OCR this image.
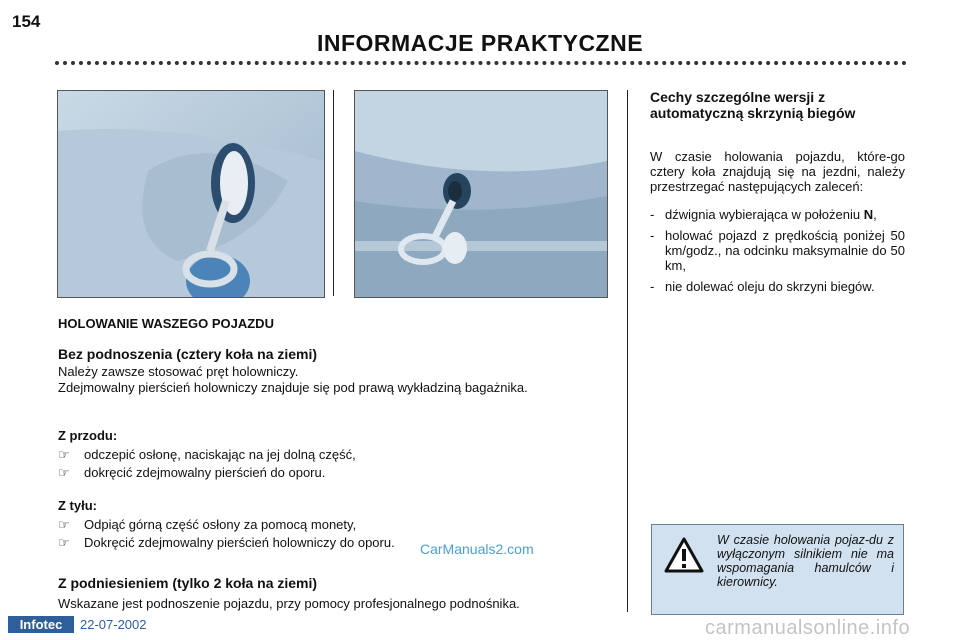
154
INFORMACJE PRAKTYCZNE
HOLOWANIE WASZEGO POJAZDU
Bez podnoszenia (cztery koła na ziemi)
Należy zawsze stosować pręt holowniczy.
Zdejmowalny pierścień holowniczy znajduje się pod prawą wykładziną bagażnika.
Z przodu:
☞	odczepić osłonę, naciskając na jej dolną część,
☞	dokręcić zdejmowalny pierścień do oporu.
Z tyłu:
☞	Odpiąć górną część osłony za pomocą monety,
☞	Dokręcić zdejmowalny pierścień holowniczy do oporu.
Z podniesieniem (tylko 2 koła na ziemi)
Wskazane jest podnoszenie pojazdu, przy pomocy profesjonalnego podnośnika.
Cechy szczególne wersji z automatyczną skrzynią biegów
W czasie holowania pojazdu, które-go cztery koła znajdują się na jezdni, należy przestrzegać następujących zaleceń:
- dźwignia wybierająca w położeniu N,
- holować pojazd z prędkością poniżej 50 km/godz., na odcinku maksymalnie do 50 km,
- nie dolewać oleju do skrzyni biegów.
W czasie holowania pojaz-du z wyłączonym silnikiem nie ma wspomagania hamulców i kierownicy.
CarManuals2.com
Infotec	22-07-2002	carmanualsonline.info
